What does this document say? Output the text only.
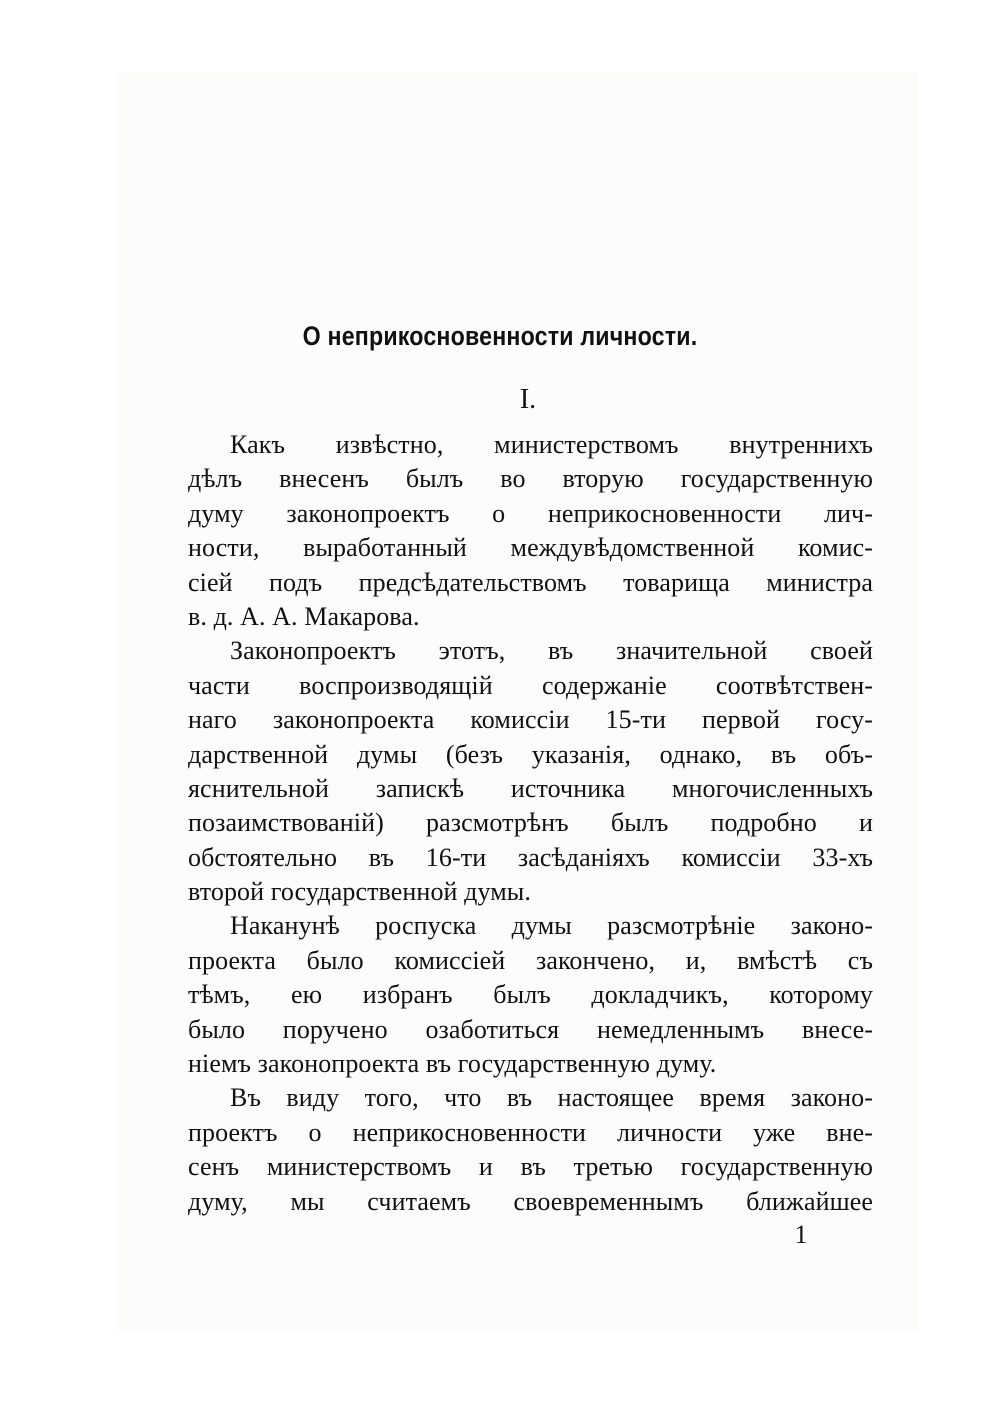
О неприкосновенности личности.
I.
Какъ извѣстно, министерствомъ внутреннихъ
дѣлъ внесенъ былъ во вторую государственную
думу законопроектъ о неприкосновенности лич-
ности, выработанный междувѣдомственной комис-
сіей подъ предсѣдательствомъ товарища министра
в. д. А. А. Макарова.
Законопроектъ этотъ, въ значительной своей
части воспроизводящій содержаніе соотвѣтствен-
наго законопроекта комиссіи 15-ти первой госу-
дарственной думы (безъ указанія, однако, въ объ-
яснительной запискѣ источника многочисленныхъ
позаимствованій) разсмотрѣнъ былъ подробно и
обстоятельно въ 16-ти засѣданіяхъ комиссіи 33-хъ
второй государственной думы.
Наканунѣ роспуска думы разсмотрѣніе законо-
проекта было комиссіей закончено, и, вмѣстѣ съ
тѣмъ, ею избранъ былъ докладчикъ, которому
было поручено озаботиться немедленнымъ внесе-
ніемъ законопроекта въ государственную думу.
Въ виду того, что въ настоящее время законо-
проектъ о неприкосновенности личности уже внe-
сенъ министерствомъ и въ третью государственную
думу, мы считаемъ своевременнымъ ближайшее
1
